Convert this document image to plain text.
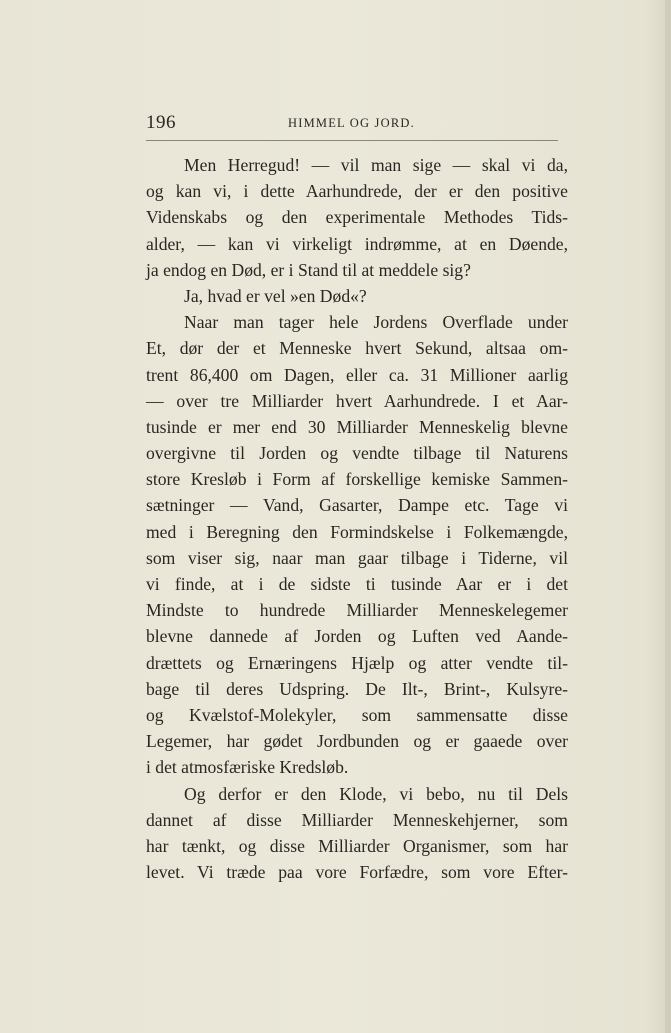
196	HIMMEL OG JORD.
Men Herregud! — vil man sige — skal vi da,
og kan vi, i dette Aarhundrede, der er den positive
Videnskabs og den experimentale Methodes Tids-
alder, — kan vi virkeligt indrømme, at en Døende,
ja endog en Død, er i Stand til at meddele sig?
Ja, hvad er vel »en Død«?
Naar man tager hele Jordens Overflade under
Et, dør der et Menneske hvert Sekund, altsaa om-
trent 86,400 om Dagen, eller ca. 31 Millioner aarlig
— over tre Milliarder hvert Aarhundrede. I et Aar-
tusinde er mer end 30 Milliarder Menneskelig blevne
overgivne til Jorden og vendte tilbage til Naturens
store Kresløb i Form af forskellige kemiske Sammen-
sætninger — Vand, Gasarter, Dampe etc. Tage vi
med i Beregning den Formindskelse i Folkemængde,
som viser sig, naar man gaar tilbage i Tiderne, vil
vi finde, at i de sidste ti tusinde Aar er i det
Mindste to hundrede Milliarder Menneskelegemer
blevne dannede af Jorden og Luften ved Aande-
drættets og Ernæringens Hjælp og atter vendte til-
bage til deres Udspring. De Ilt-, Brint-, Kulsyre-
og Kvælstof-Molekyler, som sammensatte disse
Legemer, har gødet Jordbunden og er gaaede over
i det atmosfæriske Kredsløb.
Og derfor er den Klode, vi bebo, nu til Dels
dannet af disse Milliarder Menneskehjerner, som
har tænkt, og disse Milliarder Organismer, som har
levet. Vi træde paa vore Forfædre, som vore Efter-
